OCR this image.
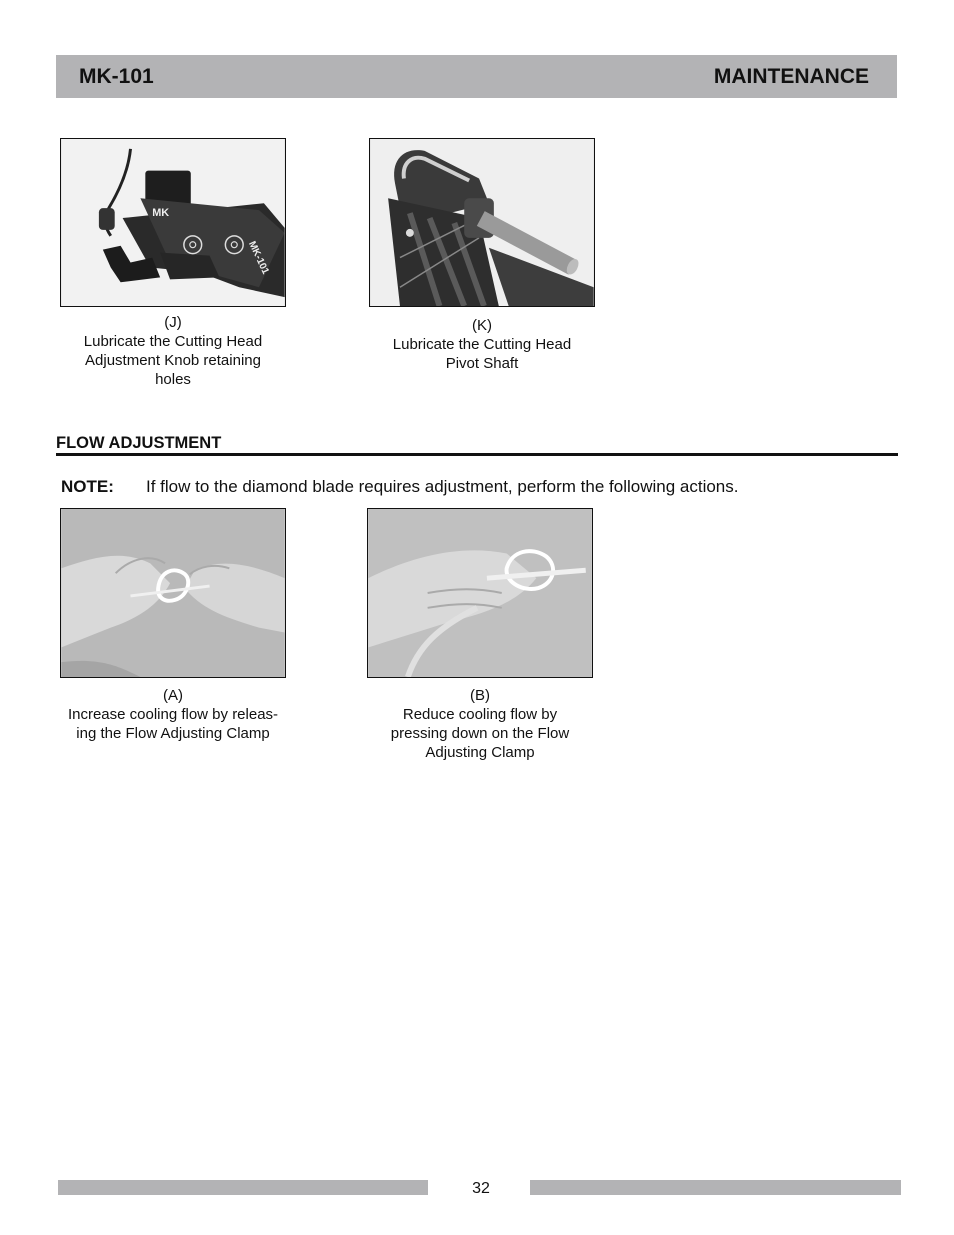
MK-101	MAINTENANCE
MK
MK-101
(J)
Lubricate the Cutting Head
Adjustment Knob retaining
holes
(K)
Lubricate the Cutting Head
Pivot Shaft
FLOW ADJUSTMENT
NOTE: If flow to the diamond blade requires adjustment, perform the following actions.
(A)
Increase cooling flow by releas-
ing the Flow Adjusting Clamp
(B)
Reduce cooling flow by
pressing down on the Flow
Adjusting Clamp
32
